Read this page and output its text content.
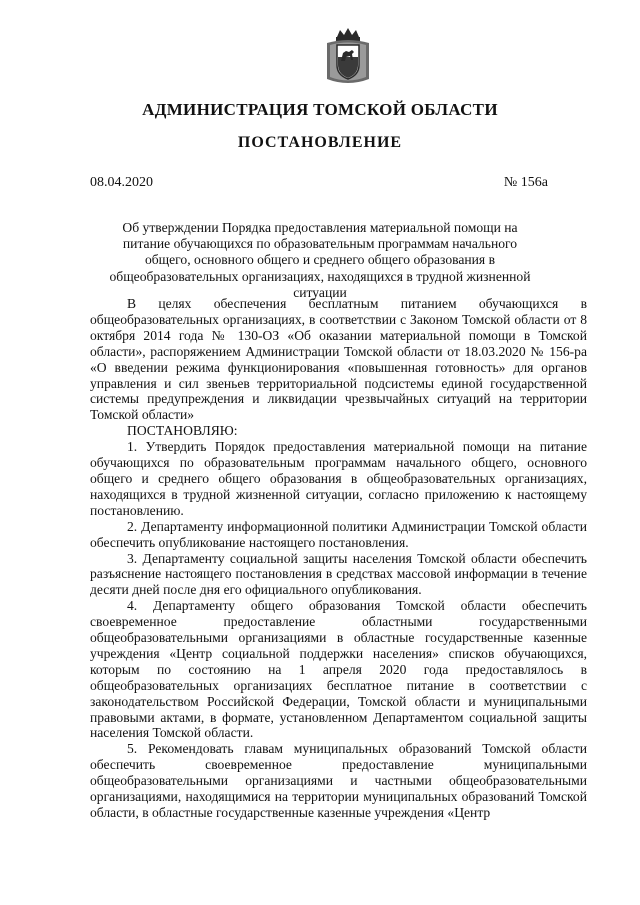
АДМИНИСТРАЦИЯ ТОМСКОЙ ОБЛАСТИ
ПОСТАНОВЛЕНИЕ
08.04.2020	№ 156а
Об утверждении Порядка предоставления материальной помощи на питание обучающихся по образовательным программам начального общего, основного общего и среднего общего образования в общеобразовательных организациях, находящихся в трудной жизненной ситуации

В целях обеспечения бесплатным питанием обучающихся в общеобразовательных организациях, в соответствии с Законом Томской области от 8 октября 2014 года № 130-ОЗ «Об оказании материальной помощи в Томской области», распоряжением Администрации Томской области от 18.03.2020 № 156-ра «О введении режима функционирования «повышенная готовность» для органов управления и сил звеньев территориальной подсистемы единой государственной системы предупреждения и ликвидации чрезвычайных ситуаций на территории Томской области»

ПОСТАНОВЛЯЮ:

1. Утвердить Порядок предоставления материальной помощи на питание обучающихся по образовательным программам начального общего, основного общего и среднего общего образования в общеобразовательных организациях, находящихся в трудной жизненной ситуации, согласно приложению к настоящему постановлению.

2. Департаменту информационной политики Администрации Томской области обеспечить опубликование настоящего постановления.

3. Департаменту социальной защиты населения Томской области обеспечить разъяснение настоящего постановления в средствах массовой информации в течение десяти дней после дня его официального опубликования.

4. Департаменту общего образования Томской области обеспечить своевременное предоставление областными государственными общеобразовательными организациями в областные государственные казенные учреждения «Центр социальной поддержки населения» списков обучающихся, которым по состоянию на 1 апреля 2020 года предоставлялось в общеобразовательных организациях бесплатное питание в соответствии с законодательством Российской Федерации, Томской области и муниципальными правовыми актами, в формате, установленном Департаментом социальной защиты населения Томской области.

5. Рекомендовать главам муниципальных образований Томской области обеспечить своевременное предоставление муниципальными общеобразовательными организациями и частными общеобразовательными организациями, находящимися на территории муниципальных образований Томской области, в областные государственные казенные учреждения «Центр
